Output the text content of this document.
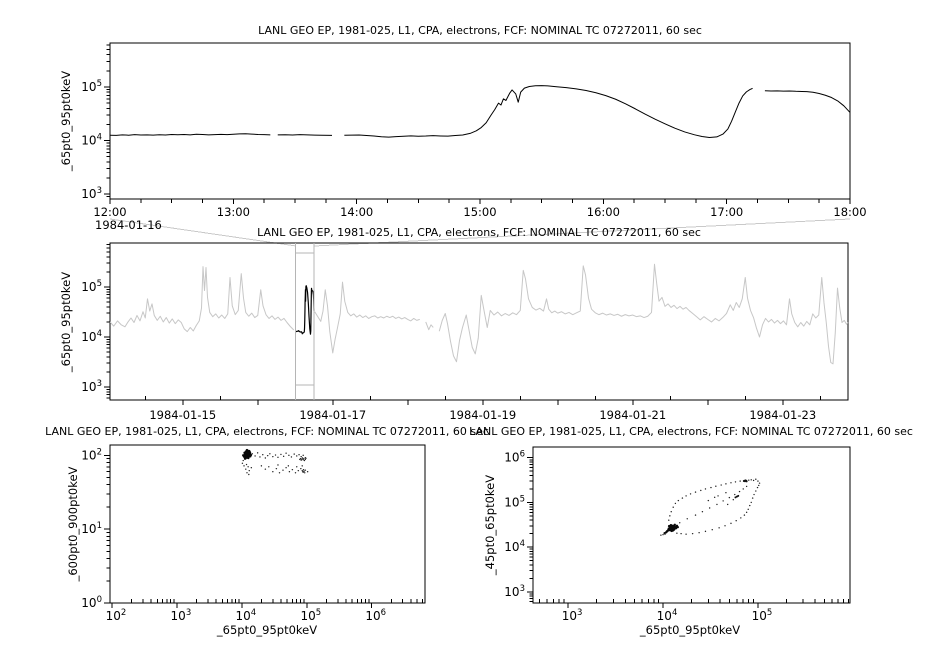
12:00	13:00	14:00	15:00	16:00	17:00	18:00
$10^3$
$10^4$
$10^5$
1984-01-15	1984-01-17	1984-01-19	1984-01-21	1984-01-23
$10^3$
$10^4$
$10^5$
$10^2$	$10^3$	$10^4$	$10^5$	$10^6$
$10^0$
$10^1$
$10^2$
$10^3$	$10^4$	$10^5$
$10^3$
$10^4$
$10^5$
$10^6$
LANL GEO EP, 1981-025, L1, CPA, electrons, FCF: NOMINAL TC 07272011, 60 sec
LANL GEO EP, 1981-025, L1, CPA, electrons, FCF: NOMINAL TC 07272011, 60 sec
LANL GEO EP, 1981-025, L1, CPA, electrons, FCF: NOMINAL TC 07272011, 60 sec
LANL GEO EP, 1981-025, L1, CPA, electrons, FCF: NOMINAL TC 07272011, 60 sec
_65pt0_95pt0keV
_65pt0_95pt0keV
_600pt0_900pt0keV	_45pt0_65pt0keV
_65pt0_95pt0keV	_65pt0_95pt0keV
1984-01-16
